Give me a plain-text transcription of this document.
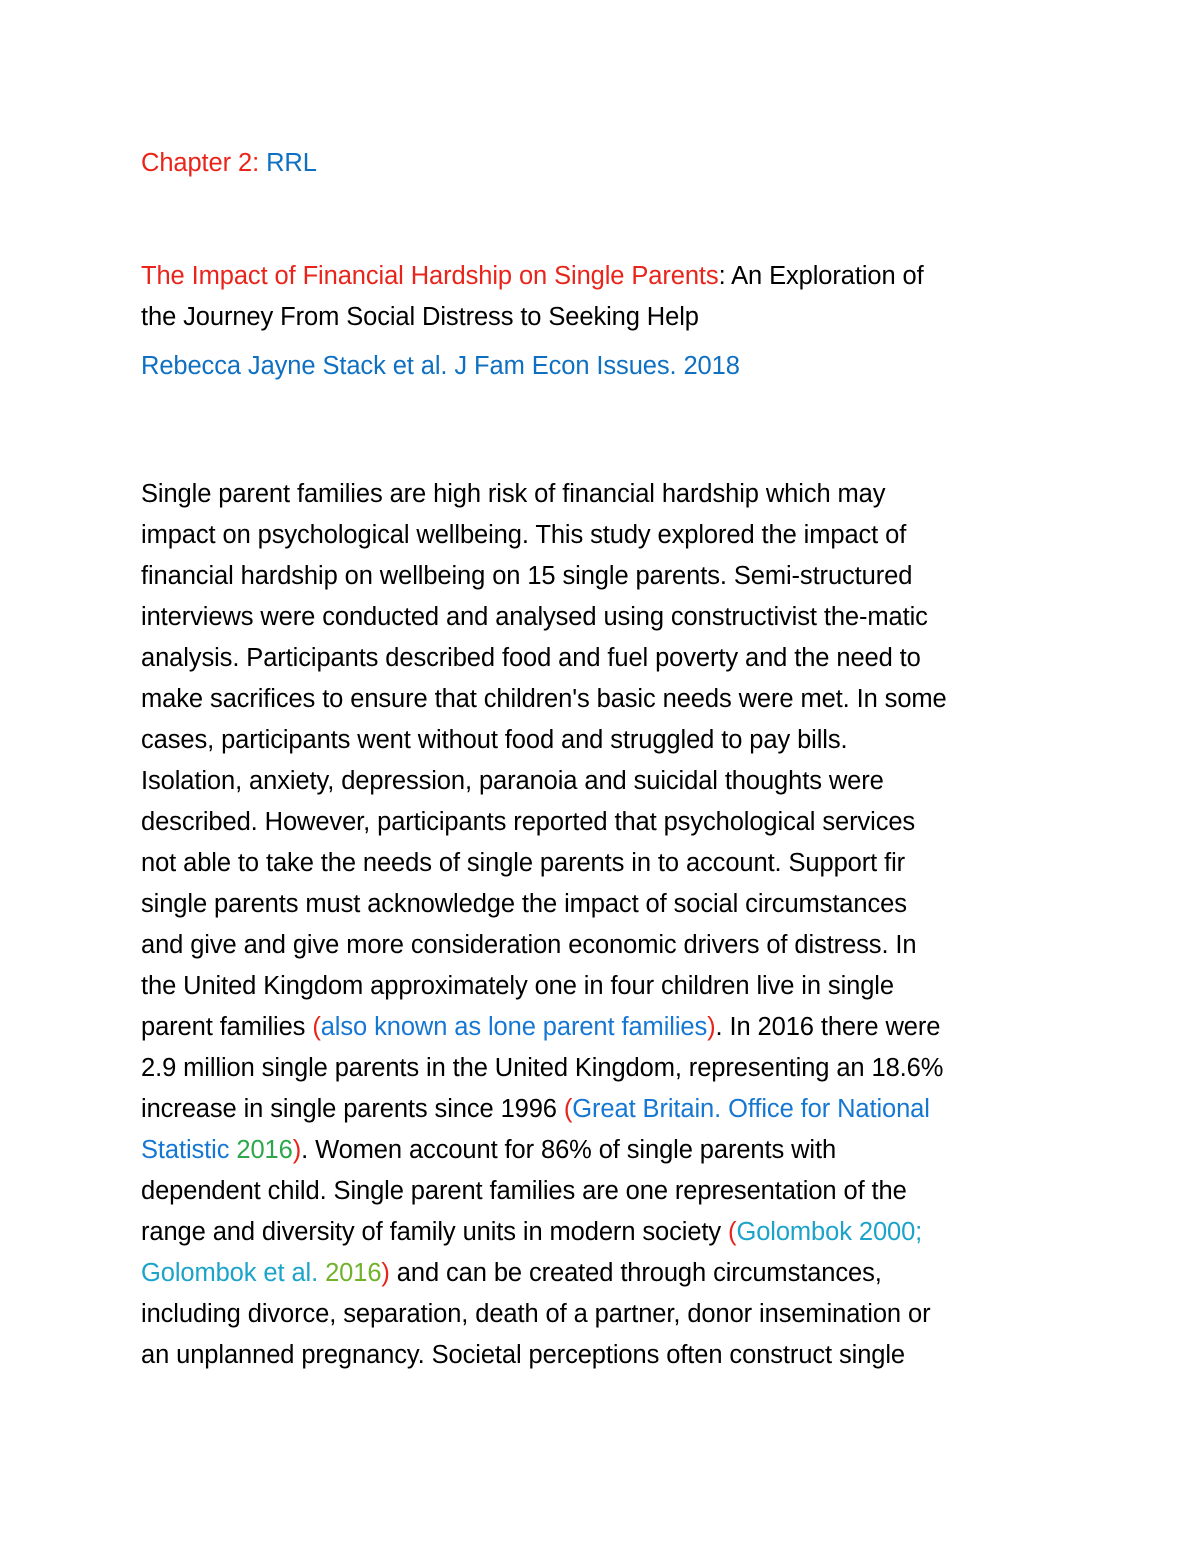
Chapter 2: RRL
The Impact of Financial Hardship on Single Parents: An Exploration of
the Journey From Social Distress to Seeking Help
Rebecca Jayne Stack et al. J Fam Econ Issues. 2018
Single parent families are high risk of financial hardship which may
impact on psychological wellbeing. This study explored the impact of
financial hardship on wellbeing on 15 single parents. Semi-structured
interviews were conducted and analysed using constructivist the-matic
analysis. Participants described food and fuel poverty and the need to
make sacrifices to ensure that children's basic needs were met. In some
cases, participants went without food and struggled to pay bills.
Isolation, anxiety, depression, paranoia and suicidal thoughts were
described. However, participants reported that psychological services
not able to take the needs of single parents in to account. Support fir
single parents must acknowledge the impact of social circumstances
and give and give more consideration economic drivers of distress. In
the United Kingdom approximately one in four children live in single
parent families (also known as lone parent families). In 2016 there were
2.9 million single parents in the United Kingdom, representing an 18.6%
increase in single parents since 1996 (Great Britain. Office for National
Statistic 2016). Women account for 86% of single parents with
dependent child. Single parent families are one representation of the
range and diversity of family units in modern society (Golombok 2000;
Golombok et al. 2016) and can be created through circumstances,
including divorce, separation, death of a partner, donor insemination or
an unplanned pregnancy. Societal perceptions often construct single
